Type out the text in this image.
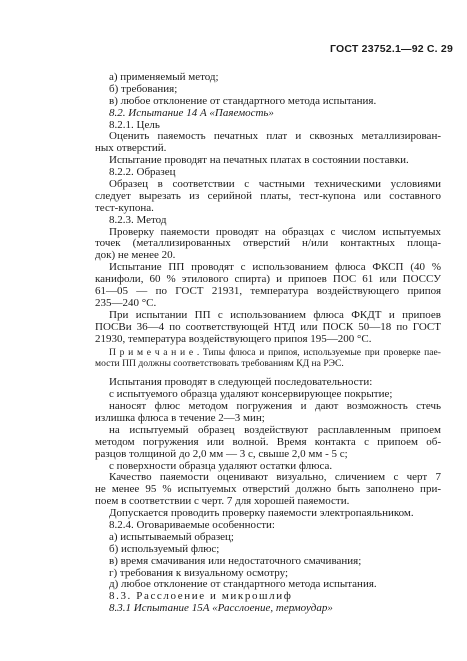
ГОСТ 23752.1—92 С. 29
а) применяемый метод;
б) требования;
в) любое отклонение от стандартного метода испытания.
8.2. Испытание 14 А «Паяемость»
8.2.1. Цель
Оценить паяемость печатных плат и сквозных металлизирован-
ных отверстий.
Испытание проводят на печатных платах в состоянии поставки.
8.2.2. Образец
Образец в соответствии с частными техническими условиями
следует вырезать из серийной платы, тест-купона или составного
тест-купона.
8.2.3. Метод
Проверку паяемости проводят на образцах с числом испытуемых
точек (металлизированных отверстий н/или контактных площа-
док) не менее 20.
Испытание ПП проводят с использованием флюса ФКСП (40 %
канифоли, 60 % этилового спирта) и припоев ПОС 61 или ПОССУ
61—05 — по ГОСТ 21931, температура воздействующего припоя
235—240 °С.
При испытании ПП с использованием флюса ФКДТ и припоев
ПОСВи 36—4 по соответствующей НТД или ПОСК 50—18 по ГОСТ
21930, температура воздействующего припоя 195—200 °С.
П р и м е ч а н и е . Типы флюса и припоя, используемые при проверке пае-
мости ПП должны соответствовать требованиям КД на РЭС.
Испытания проводят в следующей последовательности:
с испытуемого образца удаляют консервирующее покрытие;
наносят флюс методом погружения и дают возможность стечь
излишка флюса в течение 2—3 мин;
на испытуемый образец воздействуют расплавленным припоем
методом погружения или волной. Время контакта с припоем об-
разцов толщиной до 2,0 мм — 3 с, свыше 2,0 мм - 5 с;
с поверхности образца удаляют остатки флюса.
Качество паяемости оценивают визуально, сличением с черт 7
не менее 95 % испытуемых отверстий должно быть заполнено при-
поем в соответствии с черт. 7 для хорошей паяемости.
Допускается проводить проверку паяемости электропаяльником.
8.2.4. Оговариваемые особенности:
а) испытываемый образец;
б) используемый флюс;
в) время смачивания или недостаточного смачивания;
г) требования к визуальному осмотру;
д) любое отклонение от стандартного метода испытания.
8.3. Расслоение и микрошлиф
8.3.1 Испытание 15А «Расслоение, термоудар»
